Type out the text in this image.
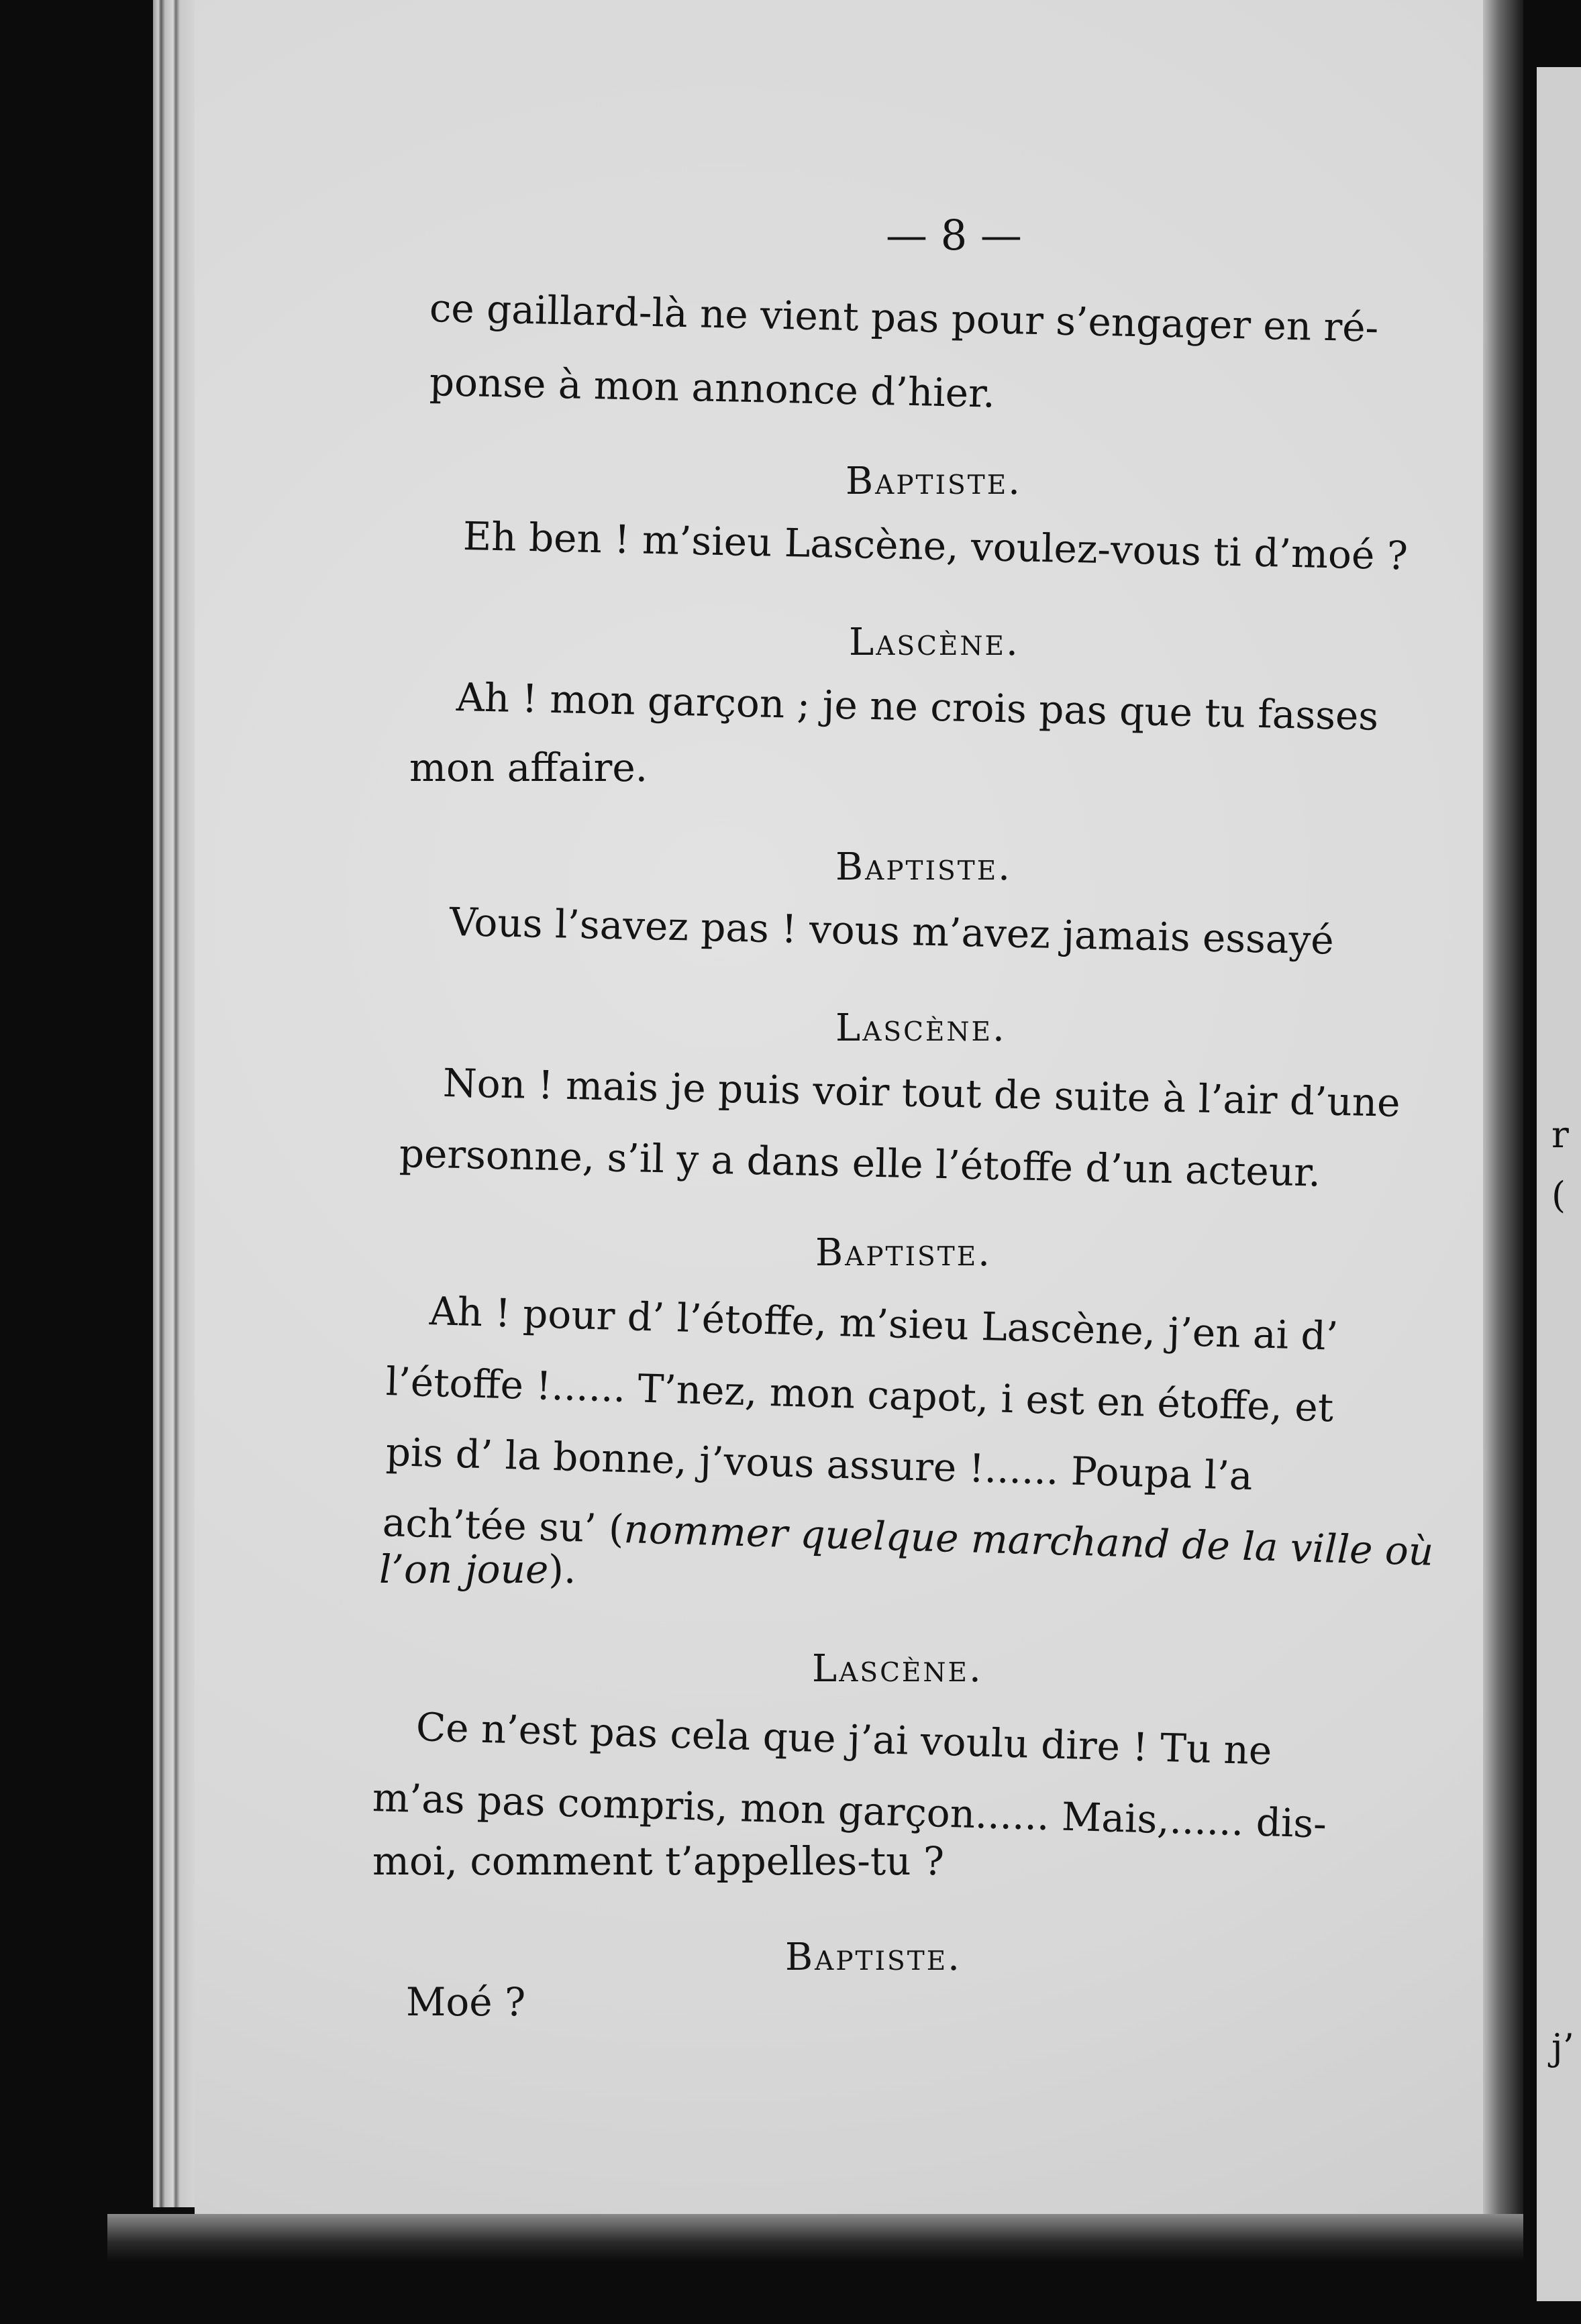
r
(
j’
— 8 —
ce gaillard-là ne vient pas pour s’engager en ré-
ponse à mon annonce d’hier.
Baptiste.
Eh ben ! m’sieu Lascène, voulez-vous ti d’moé ?
Lascène.
Ah ! mon garçon ; je ne crois pas que tu fasses
mon affaire.
Baptiste.
Vous l’savez pas ! vous m’avez jamais essayé
Lascène.
Non ! mais je puis voir tout de suite à l’air d’une
personne, s’il y a dans elle l’étoffe d’un acteur.
Baptiste.
Ah ! pour d’ l’étoffe, m’sieu Lascène, j’en ai d’
l’étoffe !...... T’nez, mon capot, i est en étoffe, et
pis d’ la bonne, j’vous assure !...... Poupa l’a
ach’tée su’ (nommer quelque marchand de la ville où
l’on joue).
Lascène.
Ce n’est pas cela que j’ai voulu dire ! Tu ne
m’as pas compris, mon garçon...... Mais,...... dis-
moi, comment t’appelles-tu ?
Baptiste.
Moé ?
